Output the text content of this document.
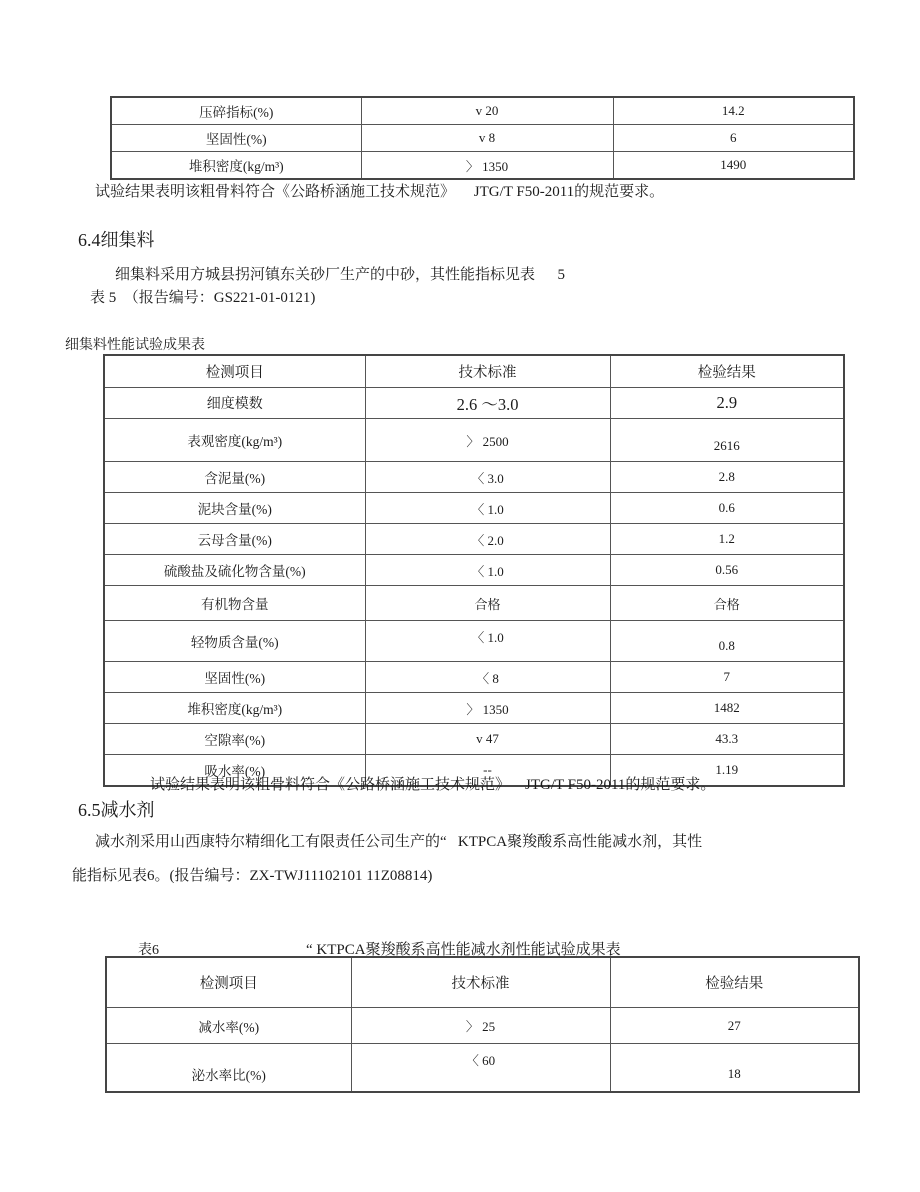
压碎指标(%)	v 20	14.2
坚固性(%)	v 8	6
堆积密度(kg/m³)	〉 1350	1490
试验结果表明该粗骨料符合《公路桥涵施工技术规范》     JTG/T F50-2011的规范要求。
6.4细集料
细集料采用方城县拐河镇东关砂厂生产的中砂，其性能指标见表      5
表 5  （报告编号：GS221-01-0121)
细集料性能试验成果表
检测项目	技术标准	检验结果
细度模数	2.6 ～3.0	2.9
表观密度(kg/m³)	〉 2500	2616
含泥量(%)	〈 3.0	2.8
泥块含量(%)	〈 1.0	0.6
云母含量(%)	〈 2.0	1.2
硫酸盐及硫化物含量(%)	〈 1.0	0.56
有机物含量	合格	合格
轻物质含量(%)	〈 1.0	0.8
坚固性(%)	〈 8	7
堆积密度(kg/m³)	〉 1350	1482
空隙率(%)	v 47	43.3
吸水率(%)	--	1.19
试验结果表明该粗骨料符合《公路桥涵施工技术规范》    JTG/T F50-2011的规范要求。
6.5减水剂
减水剂采用山西康特尔精细化工有限责任公司生产的“   KTPCA聚羧酸系高性能减水剂，其性
能指标见表6。(报告编号：ZX-TWJ11102101 11Z08814)
表6	“ KTPCA聚羧酸系高性能减水剂性能试验成果表
检测项目	技术标准	检验结果
减水率(%)	〉 25	27
泌水率比(%)	〈 60	18
